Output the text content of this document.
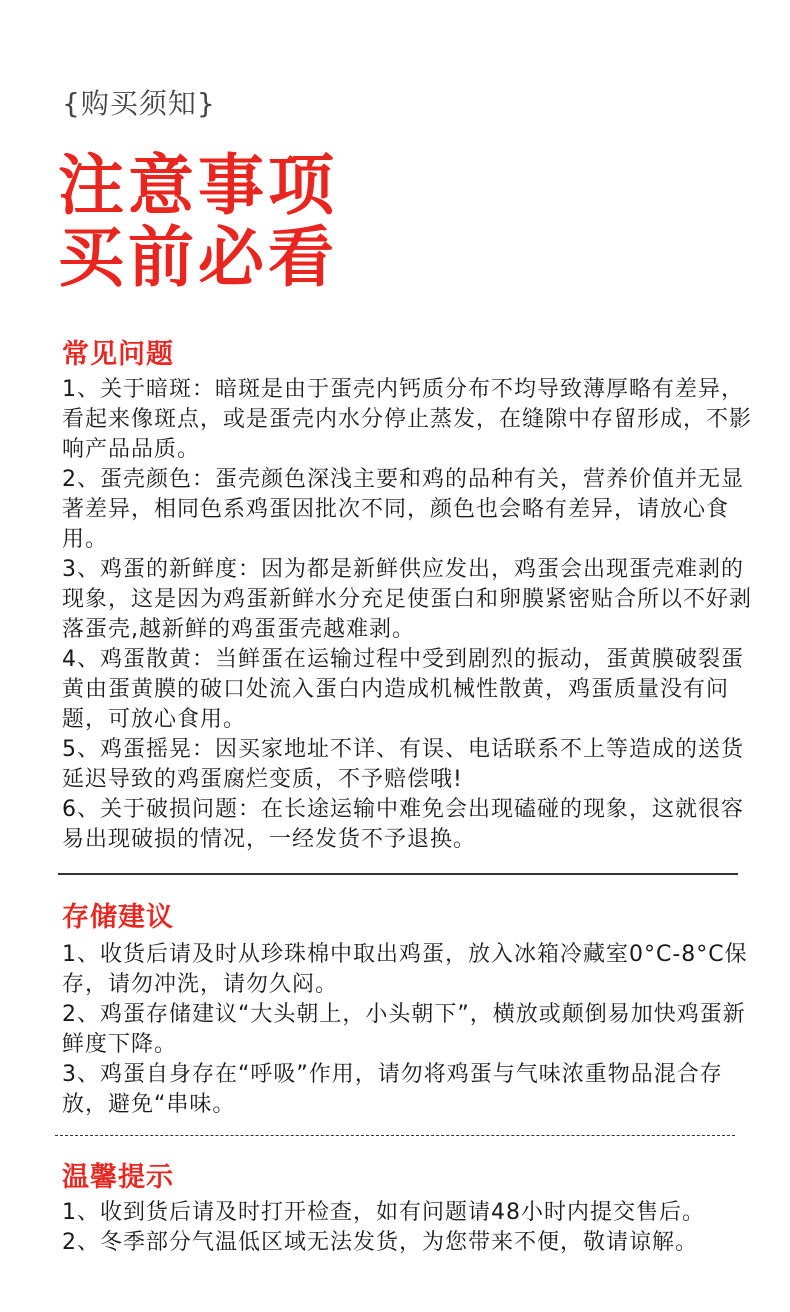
{购买须知}
注意事项
买前必看
常见问题

1、关于暗斑：暗斑是由于蛋壳内钙质分布不均导致薄厚略有差异，看起来像斑点，或是蛋壳内水分停止蒸发，在缝隙中存留形成，不影响产品品质。

2、蛋壳颜色：蛋壳颜色深浅主要和鸡的品种有关，营养价值并无显著差异，相同色系鸡蛋因批次不同，颜色也会略有差异，请放心食用。

3、鸡蛋的新鲜度：因为都是新鲜供应发出，鸡蛋会出现蛋壳难剥的现象，这是因为鸡蛋新鲜水分充足使蛋白和卵膜紧密贴合所以不好剥落蛋壳,越新鲜的鸡蛋蛋壳越难剥。

4、鸡蛋散黄：当鲜蛋在运输过程中受到剧烈的振动，蛋黄膜破裂蛋黄由蛋黄膜的破口处流入蛋白内造成机械性散黄，鸡蛋质量没有问题，可放心食用。

5、鸡蛋摇晃：因买家地址不详、有误、电话联系不上等造成的送货延迟导致的鸡蛋腐烂变质，不予赔偿哦!

6、关于破损问题：在长途运输中难免会出现磕碰的现象，这就很容易出现破损的情况，一经发货不予退换。

存储建议

1、收货后请及时从珍珠棉中取出鸡蛋，放入冰箱冷藏室0°C-8°C保存，请勿冲洗，请勿久闷。

2、鸡蛋存储建议“大头朝上，小头朝下”，横放或颠倒易加快鸡蛋新鲜度下降。

3、鸡蛋自身存在“呼吸”作用，请勿将鸡蛋与气味浓重物品混合存放，避免“串味。

温馨提示

1、收到货后请及时打开检查，如有问题请48小时内提交售后。

2、冬季部分气温低区域无法发货，为您带来不便，敬请谅解。
